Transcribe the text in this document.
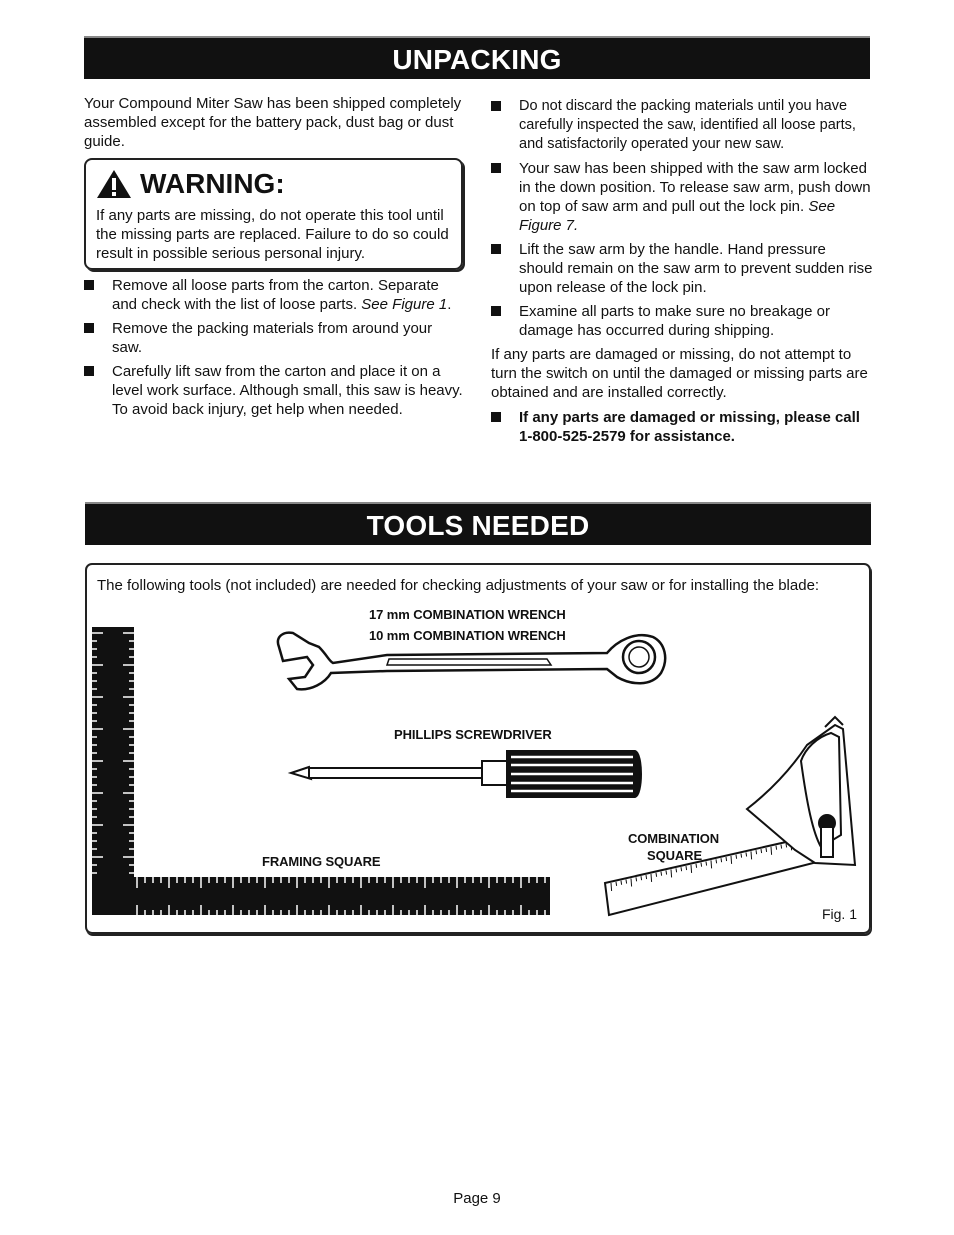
UNPACKING

Your Compound Miter Saw has been shipped completely assembled except for the battery pack, dust bag or dust guide.

WARNING:
If any parts are missing, do not operate this tool until the missing parts are replaced. Failure to do so could result in possible serious personal injury.
Remove all loose parts from the carton. Separate and check with the list of loose parts. See Figure 1.
Remove the packing materials from around your saw.
Carefully lift saw from the carton and place it on a level work surface. Although small, this saw is heavy. To avoid back injury, get help when needed.
Do not discard the packing materials until you have carefully inspected the saw, identified all loose parts, and satisfactorily operated your new saw.
Your saw has been shipped with the saw arm locked in the down position. To release saw arm, push down on top of saw arm and pull out the lock pin. See Figure 7.
Lift the saw arm by the handle. Hand pressure should remain on the saw arm to prevent sudden rise upon release of the lock pin.
Examine all parts to make sure no breakage or damage has occurred during shipping.

If any parts are damaged or missing, do not attempt to turn the switch on until the damaged or missing parts are obtained and are installed correctly.

If any parts are damaged or missing, please call 1-800-525-2579 for assistance.
TOOLS NEEDED
The following tools (not included) are needed for checking adjustments of your saw or for installing the blade:
17 mm COMBINATION WRENCH
10 mm COMBINATION WRENCH
PHILLIPS SCREWDRIVER
FRAMING SQUARE
COMBINATION
SQUARE
Fig. 1
Page 9
